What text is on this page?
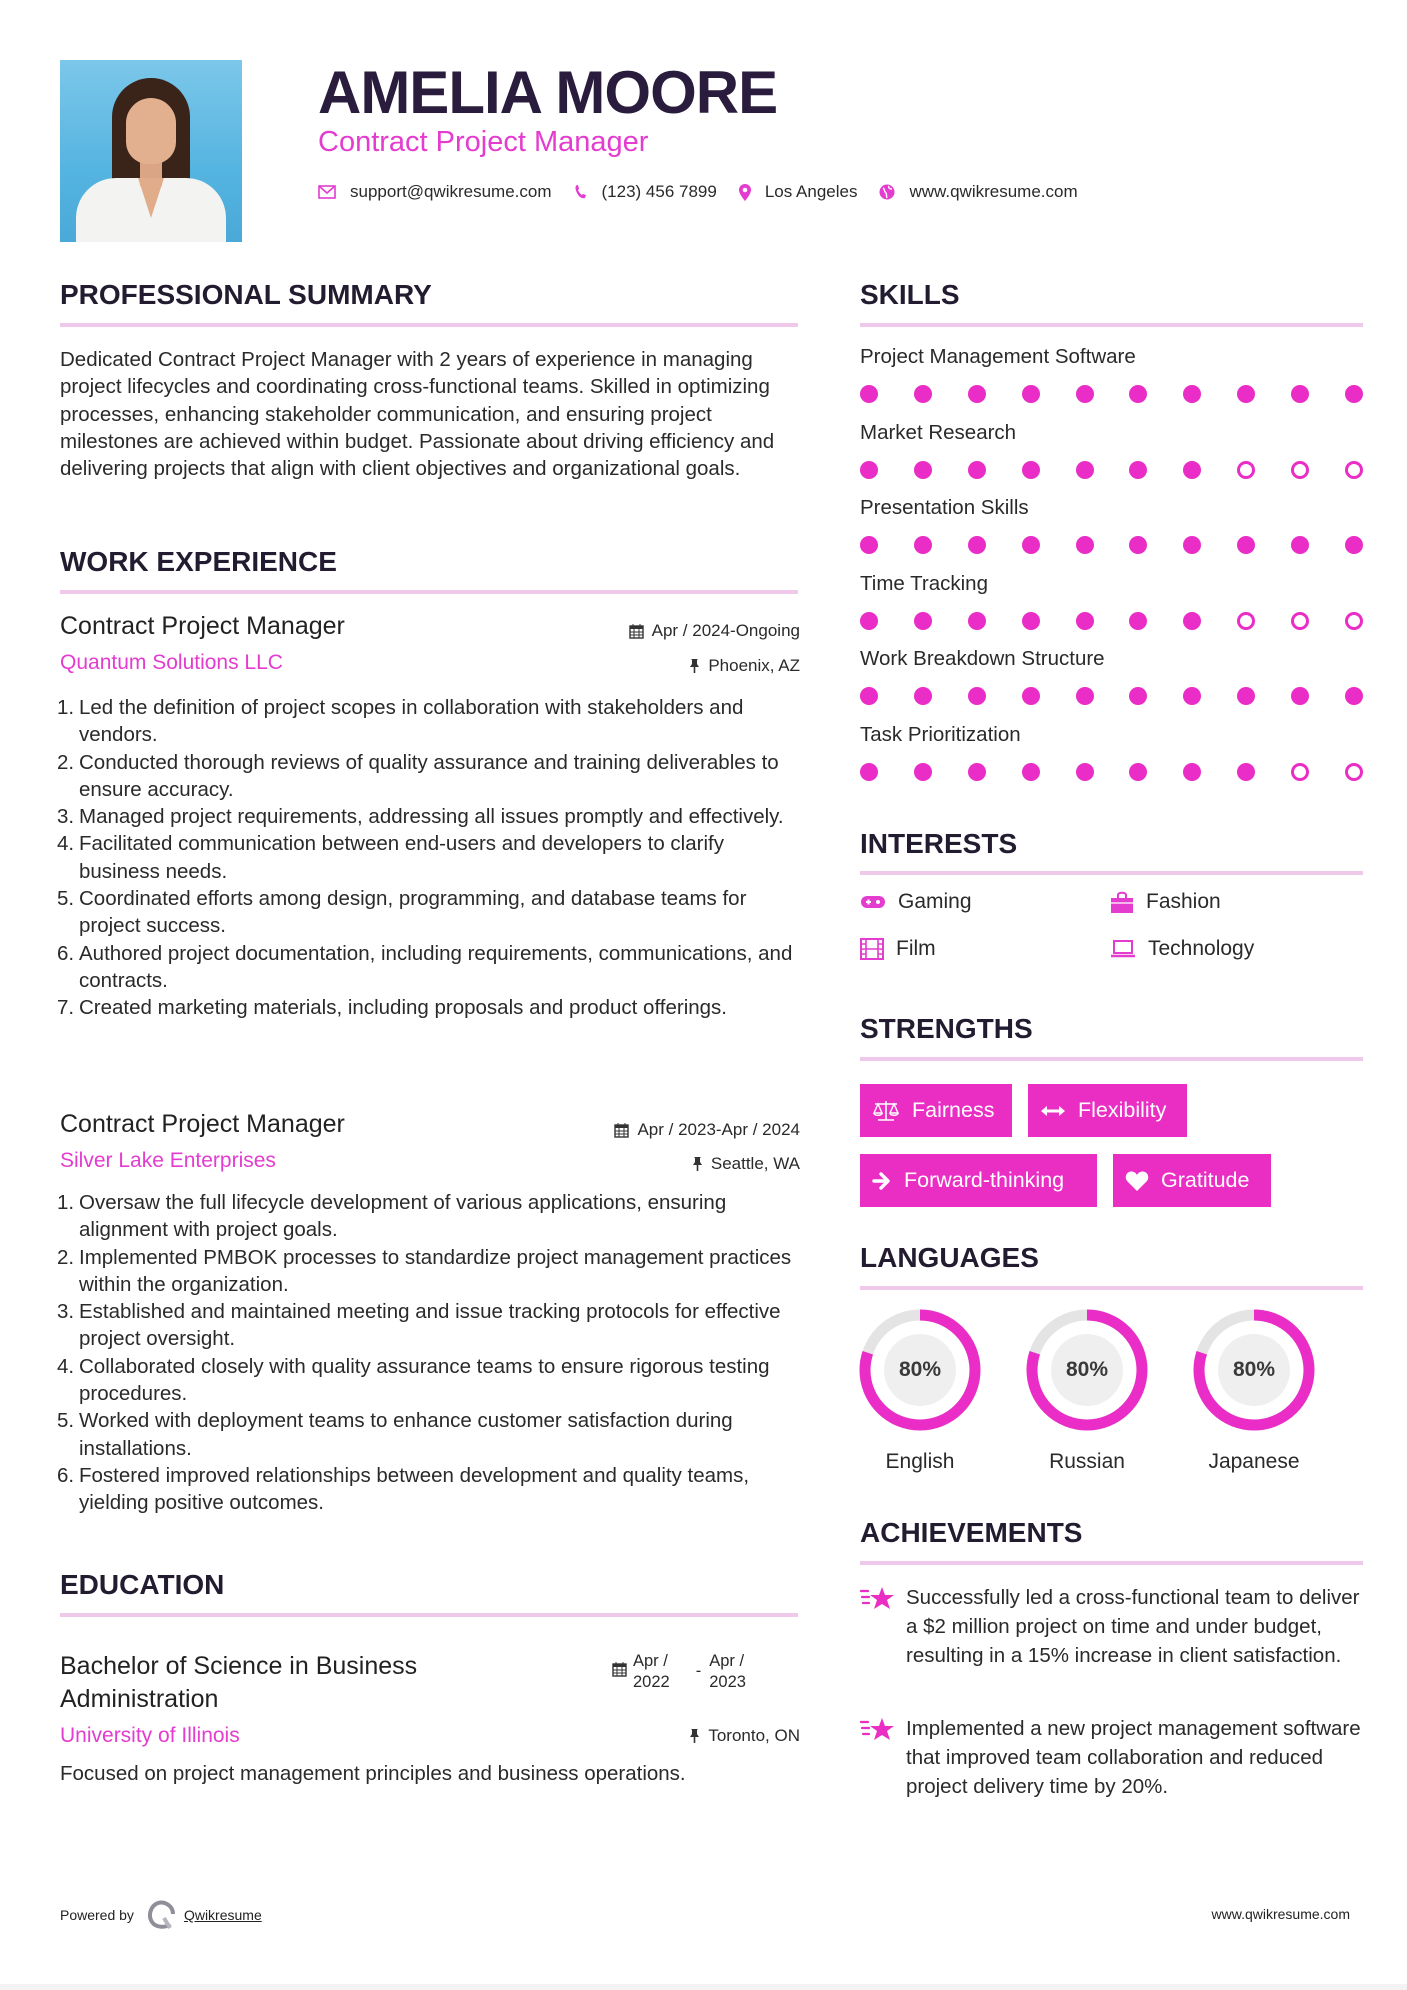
AMELIA MOORE
Contract Project Manager
support@qwikresume.com	(123) 456 7899	Los Angeles	www.qwikresume.com
PROFESSIONAL SUMMARY
Dedicated Contract Project Manager with 2 years of experience in managing project lifecycles and coordinating cross-functional teams. Skilled in optimizing processes, enhancing stakeholder communication, and ensuring project milestones are achieved within budget. Passionate about driving efficiency and delivering projects that align with client objectives and organizational goals.
WORK EXPERIENCE
Contract Project Manager	Apr / 2024-Ongoing
Quantum Solutions LLC	Phoenix, AZ
1. Led the definition of project scopes in collaboration with stakeholders and vendors.
2. Conducted thorough reviews of quality assurance and training deliverables to ensure accuracy.
3. Managed project requirements, addressing all issues promptly and effectively.
4. Facilitated communication between end-users and developers to clarify business needs.
5. Coordinated efforts among design, programming, and database teams for project success.
6. Authored project documentation, including requirements, communications, and contracts.
7. Created marketing materials, including proposals and product offerings.
Contract Project Manager	Apr / 2023-Apr / 2024
Silver Lake Enterprises	Seattle, WA
1. Oversaw the full lifecycle development of various applications, ensuring alignment with project goals.
2. Implemented PMBOK processes to standardize project management practices within the organization.
3. Established and maintained meeting and issue tracking protocols for effective project oversight.
4. Collaborated closely with quality assurance teams to ensure rigorous testing procedures.
5. Worked with deployment teams to enhance customer satisfaction during installations.
6. Fostered improved relationships between development and quality teams, yielding positive outcomes.
EDUCATION
Bachelor of Science in Business Administration
Apr /
2022
-
Apr /
2023
University of Illinois	Toronto, ON
Focused on project management principles and business operations.
SKILLS
Project Management Software
Market Research
Presentation Skills
Time Tracking
Work Breakdown Structure
Task Prioritization
INTERESTS
Gaming	Fashion
Film	Technology
STRENGTHS
Fairness	Flexibility
Forward-thinking	Gratitude
LANGUAGES
80%
English
80%
Russian
80%
Japanese
ACHIEVEMENTS
Successfully led a cross-functional team to deliver a $2 million project on time and under budget, resulting in a 15% increase in client satisfaction.
Implemented a new project management software that improved team collaboration and reduced project delivery time by 20%.
Powered by	Qwikresume	www.qwikresume.com
